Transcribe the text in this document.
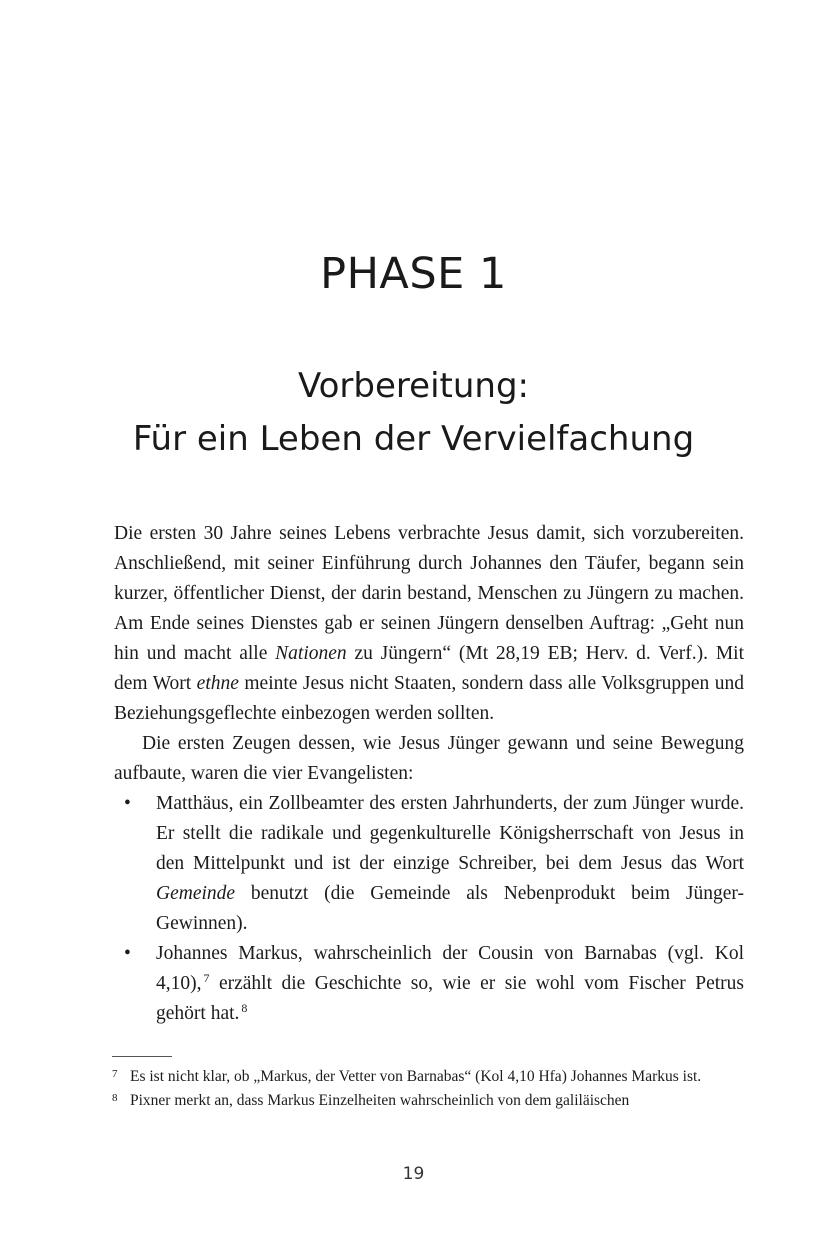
PHASE 1
Vorbereitung:
Für ein Leben der Vervielfachung

Die ersten 30 Jahre seines Lebens verbrachte Jesus damit, sich vorzubereiten. Anschließend, mit seiner Einführung durch Johannes den Täufer, begann sein kurzer, öffentlicher Dienst, der darin bestand, Menschen zu Jüngern zu machen. Am Ende seines Dienstes gab er seinen Jüngern denselben Auftrag: „Geht nun hin und macht alle Nationen zu Jüngern“ (Mt 28,19 EB; Herv. d. Verf.). Mit dem Wort ethne meinte Jesus nicht Staaten, sondern dass alle Volksgruppen und Beziehungsgeflechte einbezogen werden sollten.

Die ersten Zeugen dessen, wie Jesus Jünger gewann und seine Bewegung aufbaute, waren die vier Evangelisten:

• Matthäus, ein Zollbeamter des ersten Jahrhunderts, der zum Jünger wurde. Er stellt die radikale und gegenkulturelle Königsherrschaft von Jesus in den Mittelpunkt und ist der einzige Schreiber, bei dem Jesus das Wort Gemeinde benutzt (die Gemeinde als Nebenprodukt beim Jünger-Gewinnen).
• Johannes Markus, wahrscheinlich der Cousin von Barnabas (vgl. Kol 4,10), $^7$ erzählt die Geschichte so, wie er sie wohl vom Fischer Petrus gehört hat. $^8$
7 Es ist nicht klar, ob „Markus, der Vetter von Barnabas“ (Kol 4,10 Hfa) Johannes Markus ist.
8 Pixner merkt an, dass Markus Einzelheiten wahrscheinlich von dem galiläischen
19
